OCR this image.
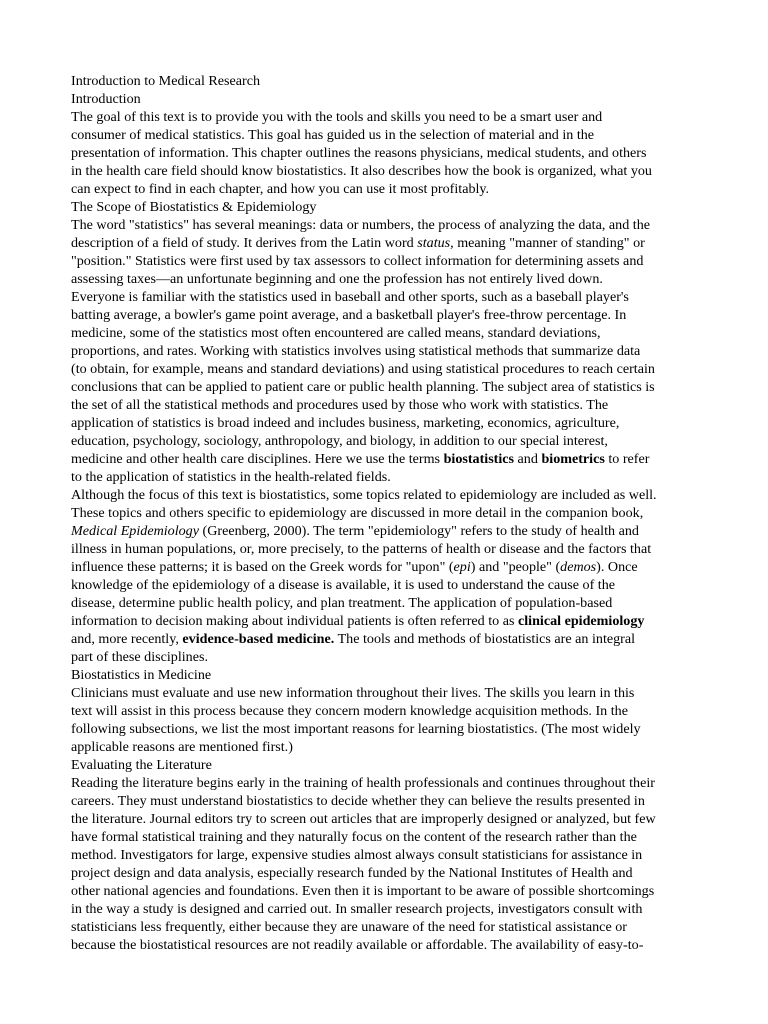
Introduction to Medical Research
Introduction
The goal of this text is to provide you with the tools and skills you need to be a smart user and
consumer of medical statistics. This goal has guided us in the selection of material and in the
presentation of information. This chapter outlines the reasons physicians, medical students, and others
in the health care field should know biostatistics. It also describes how the book is organized, what you
can expect to find in each chapter, and how you can use it most profitably.
The Scope of Biostatistics & Epidemiology
The word "statistics" has several meanings: data or numbers, the process of analyzing the data, and the
description of a field of study. It derives from the Latin word status, meaning "manner of standing" or
"position." Statistics were first used by tax assessors to collect information for determining assets and
assessing taxes—an unfortunate beginning and one the profession has not entirely lived down.
Everyone is familiar with the statistics used in baseball and other sports, such as a baseball player's
batting average, a bowler's game point average, and a basketball player's free-throw percentage. In
medicine, some of the statistics most often encountered are called means, standard deviations,
proportions, and rates. Working with statistics involves using statistical methods that summarize data
(to obtain, for example, means and standard deviations) and using statistical procedures to reach certain
conclusions that can be applied to patient care or public health planning. The subject area of statistics is
the set of all the statistical methods and procedures used by those who work with statistics. The
application of statistics is broad indeed and includes business, marketing, economics, agriculture,
education, psychology, sociology, anthropology, and biology, in addition to our special interest,
medicine and other health care disciplines. Here we use the terms biostatistics and biometrics to refer
to the application of statistics in the health-related fields.
Although the focus of this text is biostatistics, some topics related to epidemiology are included as well.
These topics and others specific to epidemiology are discussed in more detail in the companion book,
Medical Epidemiology (Greenberg, 2000). The term "epidemiology" refers to the study of health and
illness in human populations, or, more precisely, to the patterns of health or disease and the factors that
influence these patterns; it is based on the Greek words for "upon" (epi) and "people" (demos). Once
knowledge of the epidemiology of a disease is available, it is used to understand the cause of the
disease, determine public health policy, and plan treatment. The application of population-based
information to decision making about individual patients is often referred to as clinical epidemiology
and, more recently, evidence-based medicine. The tools and methods of biostatistics are an integral
part of these disciplines.
Biostatistics in Medicine
Clinicians must evaluate and use new information throughout their lives. The skills you learn in this
text will assist in this process because they concern modern knowledge acquisition methods. In the
following subsections, we list the most important reasons for learning biostatistics. (The most widely
applicable reasons are mentioned first.)
Evaluating the Literature
Reading the literature begins early in the training of health professionals and continues throughout their
careers. They must understand biostatistics to decide whether they can believe the results presented in
the literature. Journal editors try to screen out articles that are improperly designed or analyzed, but few
have formal statistical training and they naturally focus on the content of the research rather than the
method. Investigators for large, expensive studies almost always consult statisticians for assistance in
project design and data analysis, especially research funded by the National Institutes of Health and
other national agencies and foundations. Even then it is important to be aware of possible shortcomings
in the way a study is designed and carried out. In smaller research projects, investigators consult with
statisticians less frequently, either because they are unaware of the need for statistical assistance or
because the biostatistical resources are not readily available or affordable. The availability of easy-to-
